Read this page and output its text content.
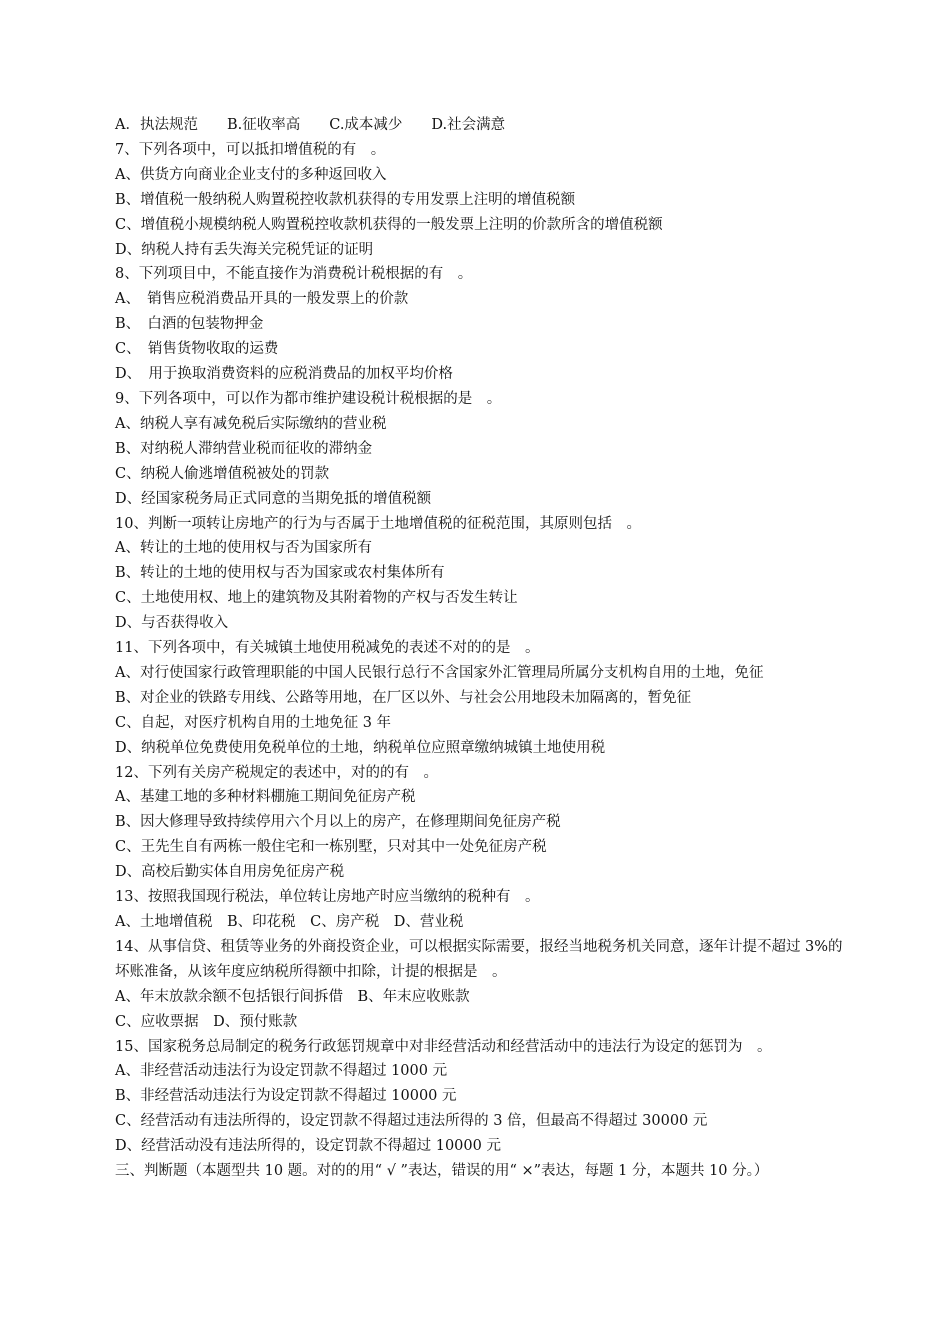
A．执法规范　　B.征收率高　　C.成本减少　　D.社会满意
7、下列各项中，可以抵扣增值税的有　。
A、供货方向商业企业支付的多种返回收入
B、增值税一般纳税人购置税控收款机获得的专用发票上注明的增值税额
C、增值税小规模纳税人购置税控收款机获得的一般发票上注明的价款所含的增值税额
D、纳税人持有丢失海关完税凭证的证明
8、下列项目中，不能直接作为消费税计税根据的有　。
A、　销售应税消费品开具的一般发票上的价款
B、　白酒的包装物押金
C、　销售货物收取的运费
D、　用于换取消费资料的应税消费品的加权平均价格
9、下列各项中，可以作为都市维护建设税计税根据的是　。
A、纳税人享有减免税后实际缴纳的营业税
B、对纳税人滞纳营业税而征收的滞纳金
C、纳税人偷逃增值税被处的罚款
D、经国家税务局正式同意的当期免抵的增值税额
10、判断一项转让房地产的行为与否属于土地增值税的征税范围，其原则包括　。
A、转让的土地的使用权与否为国家所有
B、转让的土地的使用权与否为国家或农村集体所有
C、土地使用权、地上的建筑物及其附着物的产权与否发生转让
D、与否获得收入
11、下列各项中，有关城镇土地使用税减免的表述不对的的是　。
A、对行使国家行政管理职能的中国人民银行总行不含国家外汇管理局所属分支机构自用的土地，免征
B、对企业的铁路专用线、公路等用地，在厂区以外、与社会公用地段未加隔离的，暂免征
C、自起，对医疗机构自用的土地免征 3 年
D、纳税单位免费使用免税单位的土地，纳税单位应照章缴纳城镇土地使用税
12、下列有关房产税规定的表述中，对的的有　。
A、基建工地的多种材料棚施工期间免征房产税
B、因大修理导致持续停用六个月以上的房产，在修理期间免征房产税
C、王先生自有两栋一般住宅和一栋别墅，只对其中一处免征房产税
D、高校后勤实体自用房免征房产税
13、按照我国现行税法，单位转让房地产时应当缴纳的税种有　。
A、土地增值税　B、印花税　C、房产税　D、营业税
14、从事信贷、租赁等业务的外商投资企业，可以根据实际需要，报经当地税务机关同意，逐年计提不超过 3%的坏账准备，从该年度应纳税所得额中扣除，计提的根据是　。
A、年末放款余额不包括银行间拆借　B、年末应收账款
C、应收票据　D、预付账款
15、国家税务总局制定的税务行政惩罚规章中对非经营活动和经营活动中的违法行为设定的惩罚为　。
A、非经营活动违法行为设定罚款不得超过 1000 元
B、非经营活动违法行为设定罚款不得超过 10000 元
C、经营活动有违法所得的，设定罚款不得超过违法所得的 3 倍，但最高不得超过 30000 元
D、经营活动没有违法所得的，设定罚款不得超过 10000 元
三、判断题（本题型共 10 题。对的的用“ √ ”表达，错误的用“ ×”表达，每题 1 分，本题共 10 分。）
